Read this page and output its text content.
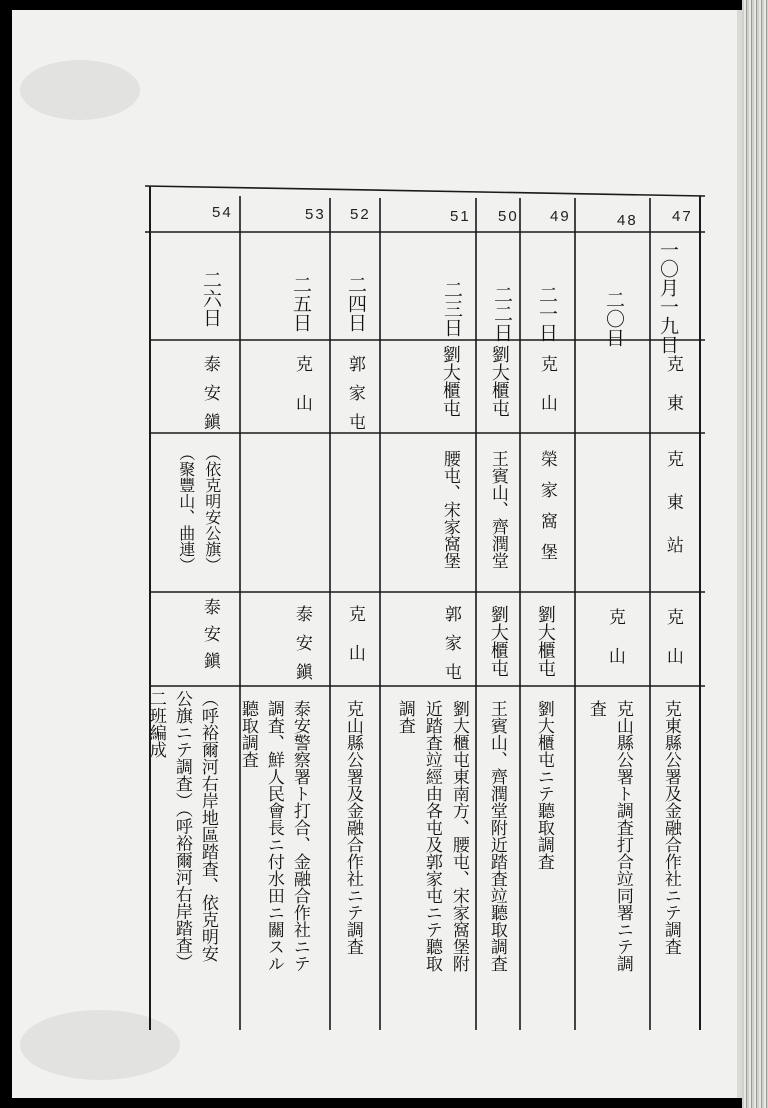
47
一〇月一九日
克東
克東站
克山
克東縣公署及金融合作社ニテ調査
48
二〇日
克山
克山縣公署ト調査打合竝同署ニテ調
査
49
二一日
克山
榮家窩堡
劉大櫃屯
劉大櫃屯ニテ聽取調査
50
二二日
劉大櫃屯
王賓山、齊潤堂
劉大櫃屯
王賓山、齊潤堂附近踏査竝聽取調査
51
二三日
劉大櫃屯
腰屯、宋家窩堡
郭家屯
劉大櫃屯東南方、腰屯、宋家窩堡附
近踏査竝經由各屯及郭家屯ニテ聽取
調査
52
二四日
郭家屯
克山
克山縣公署及金融合作社ニテ調査
53
二五日
克山
泰安鎭
泰安警察署ト打合、金融合作社ニテ
調査、鮮人民會長ニ付水田ニ關スル
聽取調査
54
二六日
泰安鎭
（依克明安公旗）
（聚豐山、曲連）
泰安鎭
（呼裕爾河右岸地區踏査、依克明安
公旗ニテ調査）（呼裕爾河右岸踏査）
二班編成
